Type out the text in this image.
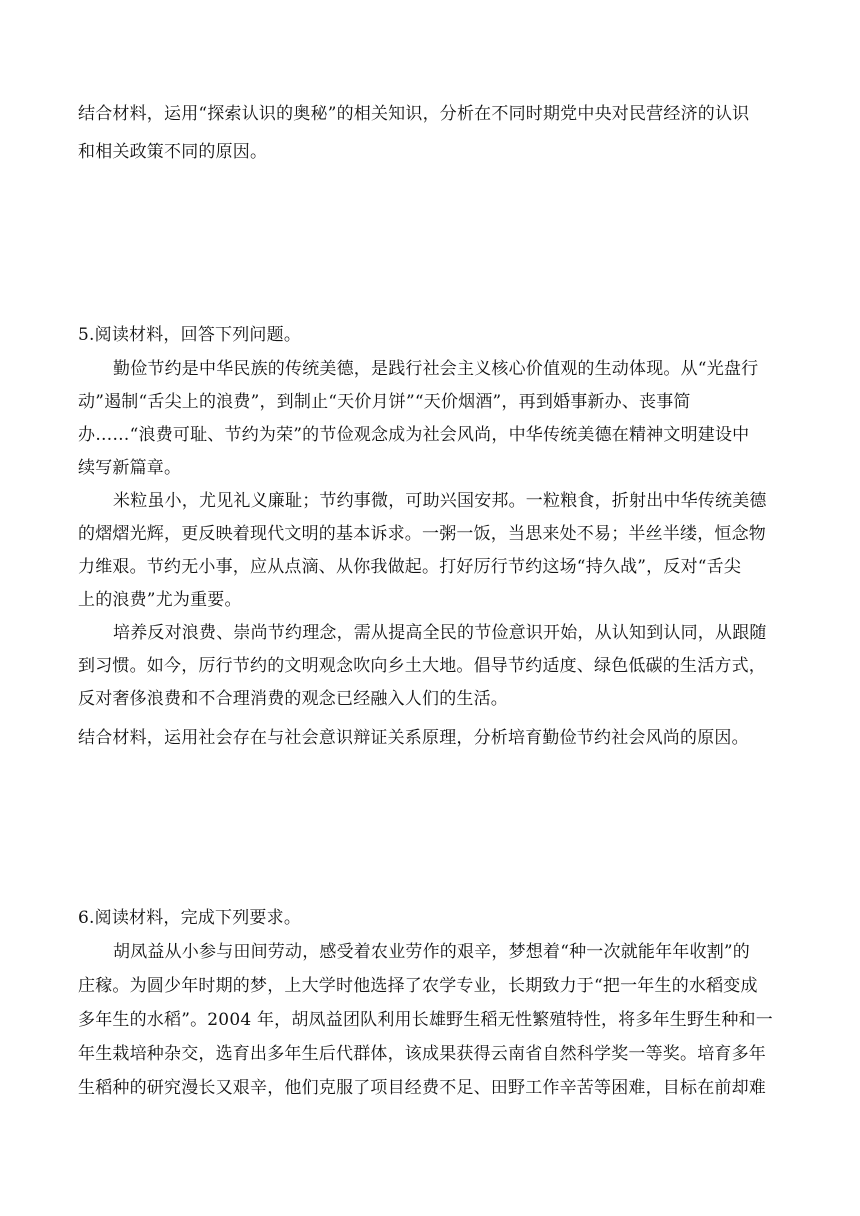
结合材料，运用“探索认识的奥秘”的相关知识，分析在不同时期党中央对民营经济的认识
和相关政策不同的原因。
5.阅读材料，回答下列问题。
勤俭节约是中华民族的传统美德，是践行社会主义核心价值观的生动体现。从“光盘行
动”遏制“舌尖上的浪费”，到制止“天价月饼”“天价烟酒”，再到婚事新办、丧事简
办……“浪费可耻、节约为荣”的节俭观念成为社会风尚，中华传统美德在精神文明建设中
续写新篇章。
米粒虽小，尤见礼义廉耻；节约事微，可助兴国安邦。一粒粮食，折射出中华传统美德
的熠熠光辉，更反映着现代文明的基本诉求。一粥一饭，当思来处不易；半丝半缕，恒念物
力维艰。节约无小事，应从点滴、从你我做起。打好厉行节约这场“持久战”，反对“舌尖
上的浪费”尤为重要。
培养反对浪费、崇尚节约理念，需从提高全民的节俭意识开始，从认知到认同，从跟随
到习惯。如今，厉行节约的文明观念吹向乡土大地。倡导节约适度、绿色低碳的生活方式，
反对奢侈浪费和不合理消费的观念已经融入人们的生活。
结合材料，运用社会存在与社会意识辩证关系原理，分析培育勤俭节约社会风尚的原因。
6.阅读材料，完成下列要求。
胡凤益从小参与田间劳动，感受着农业劳作的艰辛，梦想着“种一次就能年年收割”的
庄稼。为圆少年时期的梦，上大学时他选择了农学专业，长期致力于“把一年生的水稻变成
多年生的水稻”。2004 年，胡凤益团队利用长雄野生稻无性繁殖特性，将多年生野生种和一
年生栽培种杂交，选育出多年生后代群体，该成果获得云南省自然科学奖一等奖。培育多年
生稻种的研究漫长又艰辛，他们克服了项目经费不足、田野工作辛苦等困难，目标在前却难
